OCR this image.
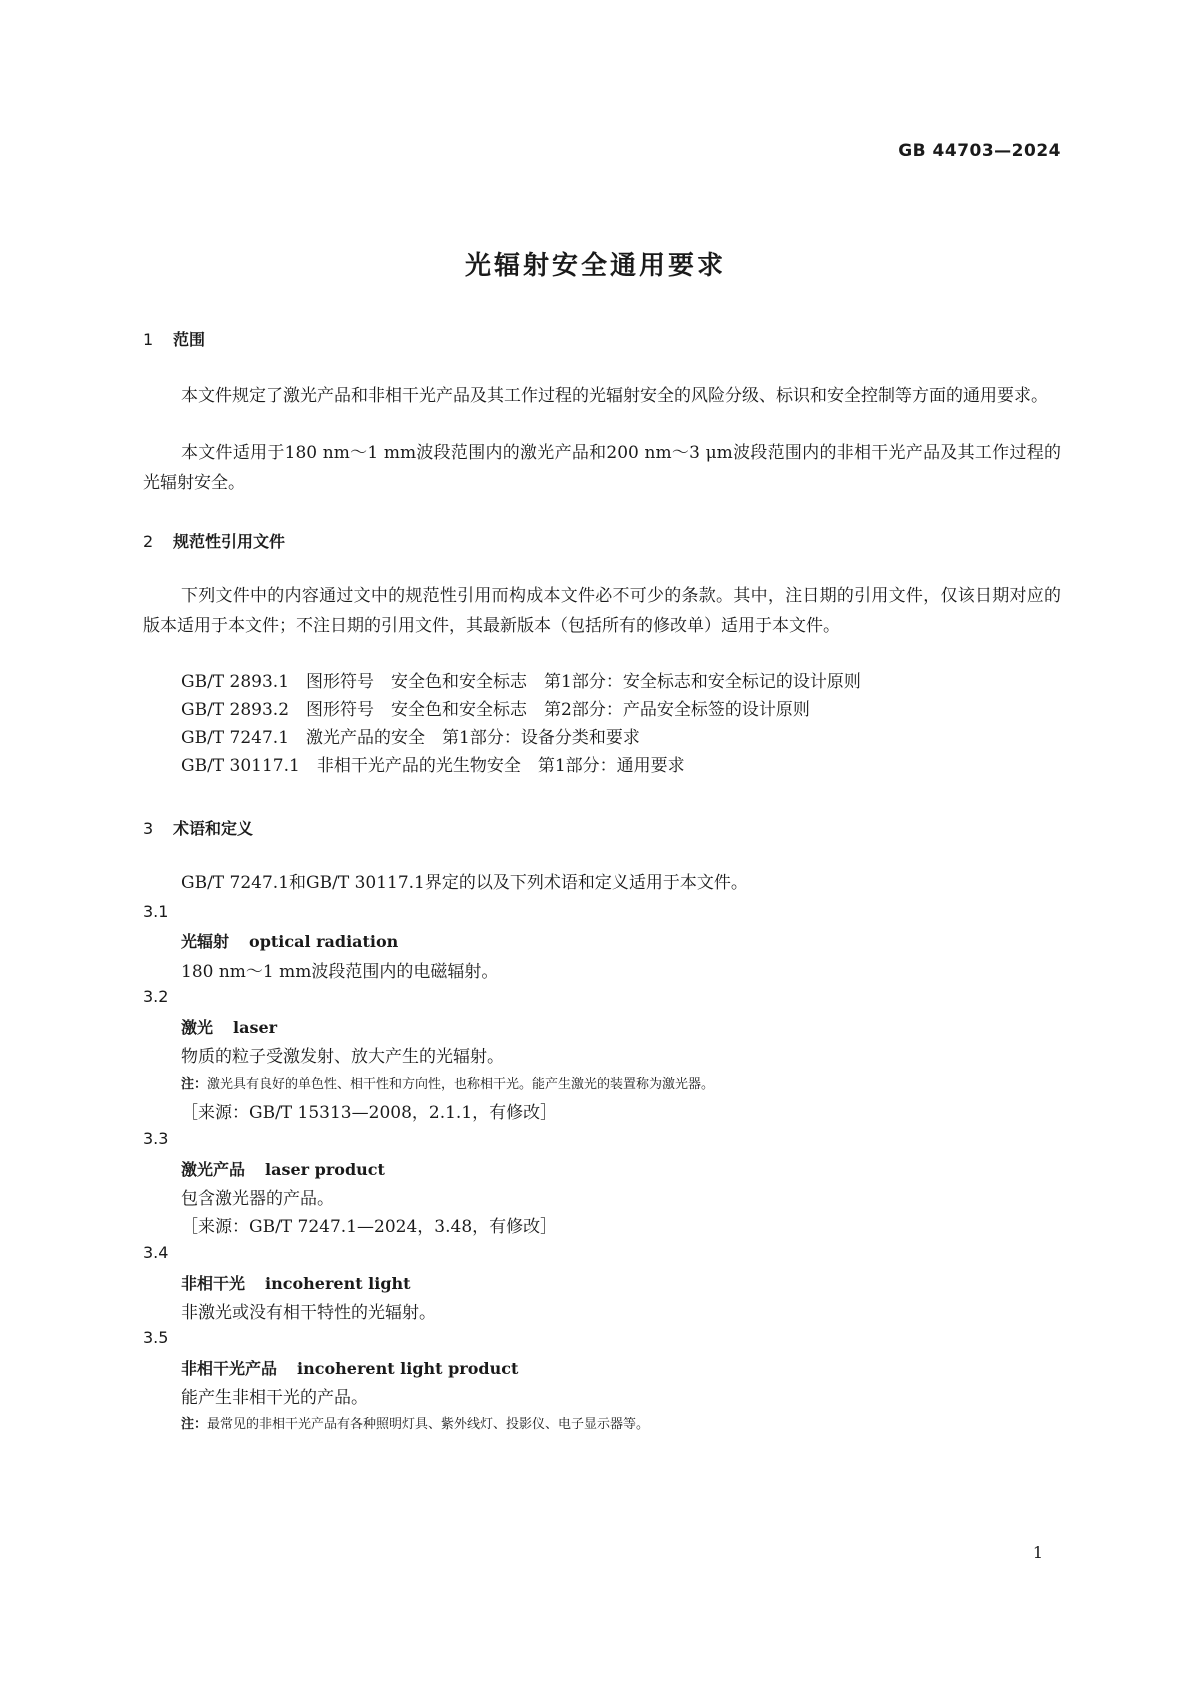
GB 44703—2024
光辐射安全通用要求
1 范围
本文件规定了激光产品和非相干光产品及其工作过程的光辐射安全的风险分级、标识和安全控制等方面的通用要求。
本文件适用于180 nm～1 mm波段范围内的激光产品和200 nm～3 μm波段范围内的非相干光产品及其工作过程的光辐射安全。
2 规范性引用文件
下列文件中的内容通过文中的规范性引用而构成本文件必不可少的条款。其中，注日期的引用文件，仅该日期对应的版本适用于本文件；不注日期的引用文件，其最新版本（包括所有的修改单）适用于本文件。
GB/T 2893.1　图形符号　安全色和安全标志　第1部分：安全标志和安全标记的设计原则
GB/T 2893.2　图形符号　安全色和安全标志　第2部分：产品安全标签的设计原则
GB/T 7247.1　激光产品的安全　第1部分：设备分类和要求
GB/T 30117.1　非相干光产品的光生物安全　第1部分：通用要求
3 术语和定义
GB/T 7247.1和GB/T 30117.1界定的以及下列术语和定义适用于本文件。
3.1
光辐射 optical radiation
180 nm～1 mm波段范围内的电磁辐射。
3.2
激光 laser
物质的粒子受激发射、放大产生的光辐射。
注：激光具有良好的单色性、相干性和方向性，也称相干光。能产生激光的装置称为激光器。
［来源：GB/T 15313—2008，2.1.1，有修改］
3.3
激光产品 laser product
包含激光器的产品。
［来源：GB/T 7247.1—2024，3.48，有修改］
3.4
非相干光 incoherent light
非激光或没有相干特性的光辐射。
3.5
非相干光产品 incoherent light product
能产生非相干光的产品。
注：最常见的非相干光产品有各种照明灯具、紫外线灯、投影仪、电子显示器等。
1
